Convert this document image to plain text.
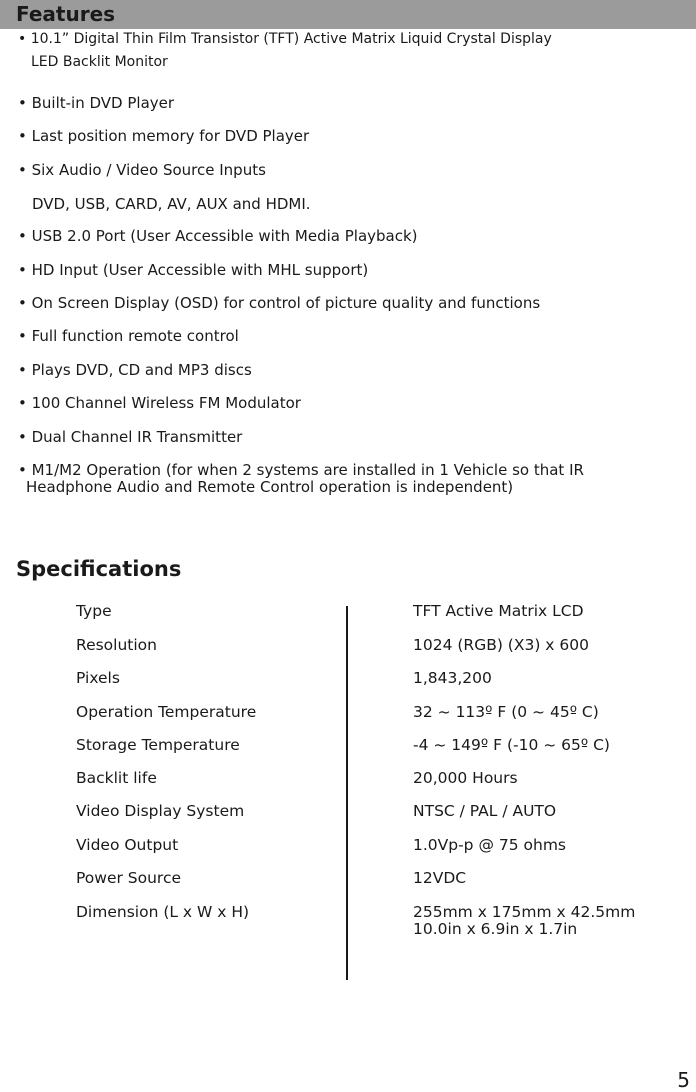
Features
• 10.1” Digital Thin Film Transistor (TFT) Active Matrix Liquid Crystal Display
LED Backlit Monitor
• Built-in DVD Player
• Last position memory for DVD Player
• Six Audio / Video Source Inputs
DVD, USB, CARD, AV, AUX and HDMI.
• USB 2.0 Port (User Accessible with Media Playback)
• HD Input (User Accessible with MHL support)
• On Screen Display (OSD) for control of picture quality and functions
• Full function remote control
• Plays DVD, CD and MP3 discs
• 100 Channel Wireless FM Modulator
• Dual Channel IR Transmitter
• M1/M2 Operation (for when 2 systems are installed in 1 Vehicle so that IR
Headphone Audio and Remote Control operation is independent)
Specifications
Type	TFT Active Matrix LCD
Resolution	1024 (RGB) (X3) x 600
Pixels	1,843,200
Operation Temperature	32 ~ 113º F (0 ~ 45º C)
Storage Temperature	-4 ~ 149º F (-10 ~ 65º C)
Backlit life	20,000 Hours
Video Display System	NTSC / PAL / AUTO
Video Output	1.0Vp-p @ 75 ohms
Power Source	12VDC
Dimension (L x W x H)	255mm x 175mm x 42.5mm
10.0in x 6.9in x 1.7in
5
